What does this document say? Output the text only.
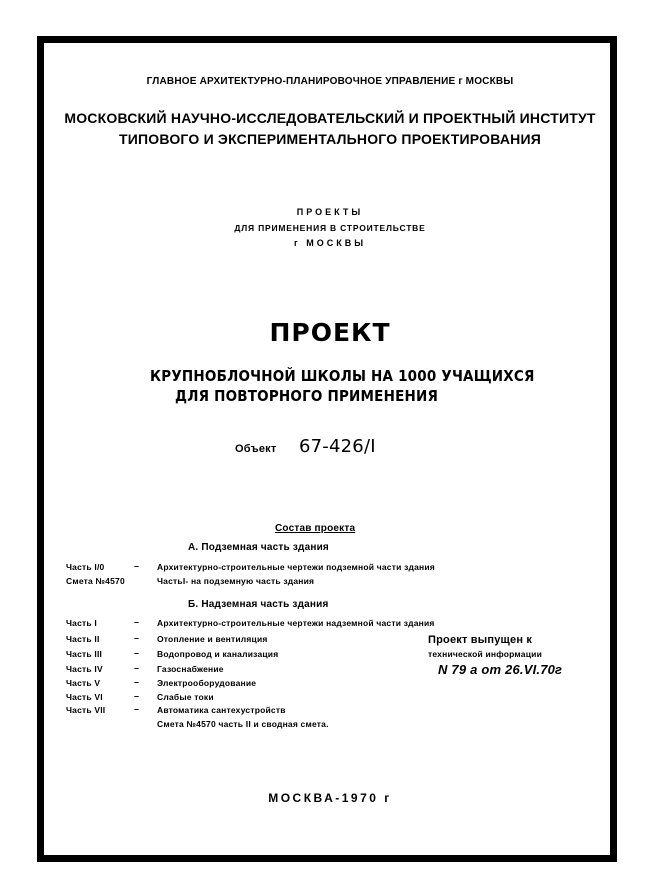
ГЛАВНОЕ АРХИТЕКТУРНО-ПЛАНИРОВОЧНОЕ УПРАВЛЕНИЕ г МОСКВЫ
МОСКОВСКИЙ НАУЧНО-ИССЛЕДОВАТЕЛЬСКИЙ И ПРОЕКТНЫЙ ИНСТИТУТ
ТИПОВОГО И ЭКСПЕРИМЕНТАЛЬНОГО ПРОЕКТИРОВАНИЯ
ПРОЕКТЫ
ДЛЯ ПРИМЕНЕНИЯ В СТРОИТЕЛЬСТВЕ
г МОСКВЫ
ПРОЕКТ
КРУПНОБЛОЧНОЙ ШКОЛЫ НА 1000 УЧАЩИХСЯ
ДЛЯ ПОВТОРНОГО ПРИМЕНЕНИЯ
Объект 67-426/I
Состав проекта
А. Подземная часть здания
Часть I/0	– Архитектурно-строительные чертежи подземной части здания
Смета №4570	ЧастьI- на подземную часть здания
Б. Надземная часть здания
Часть I	– Архитектурно-строительные чертежи надземной части здания
Часть II	– Отопление и вентиляция
Часть III	– Водопровод и канализация
Часть IV	– Газоснабжение
Часть V	– Электрооборудование
Часть VI	– Слабые токи
Часть VII	– Автоматика сантехустройств
Смета №4570 часть II и сводная смета.
Проект выпущен к
технической информации
N 79 а от 26.VI.70г
МОСКВА-1970 г
